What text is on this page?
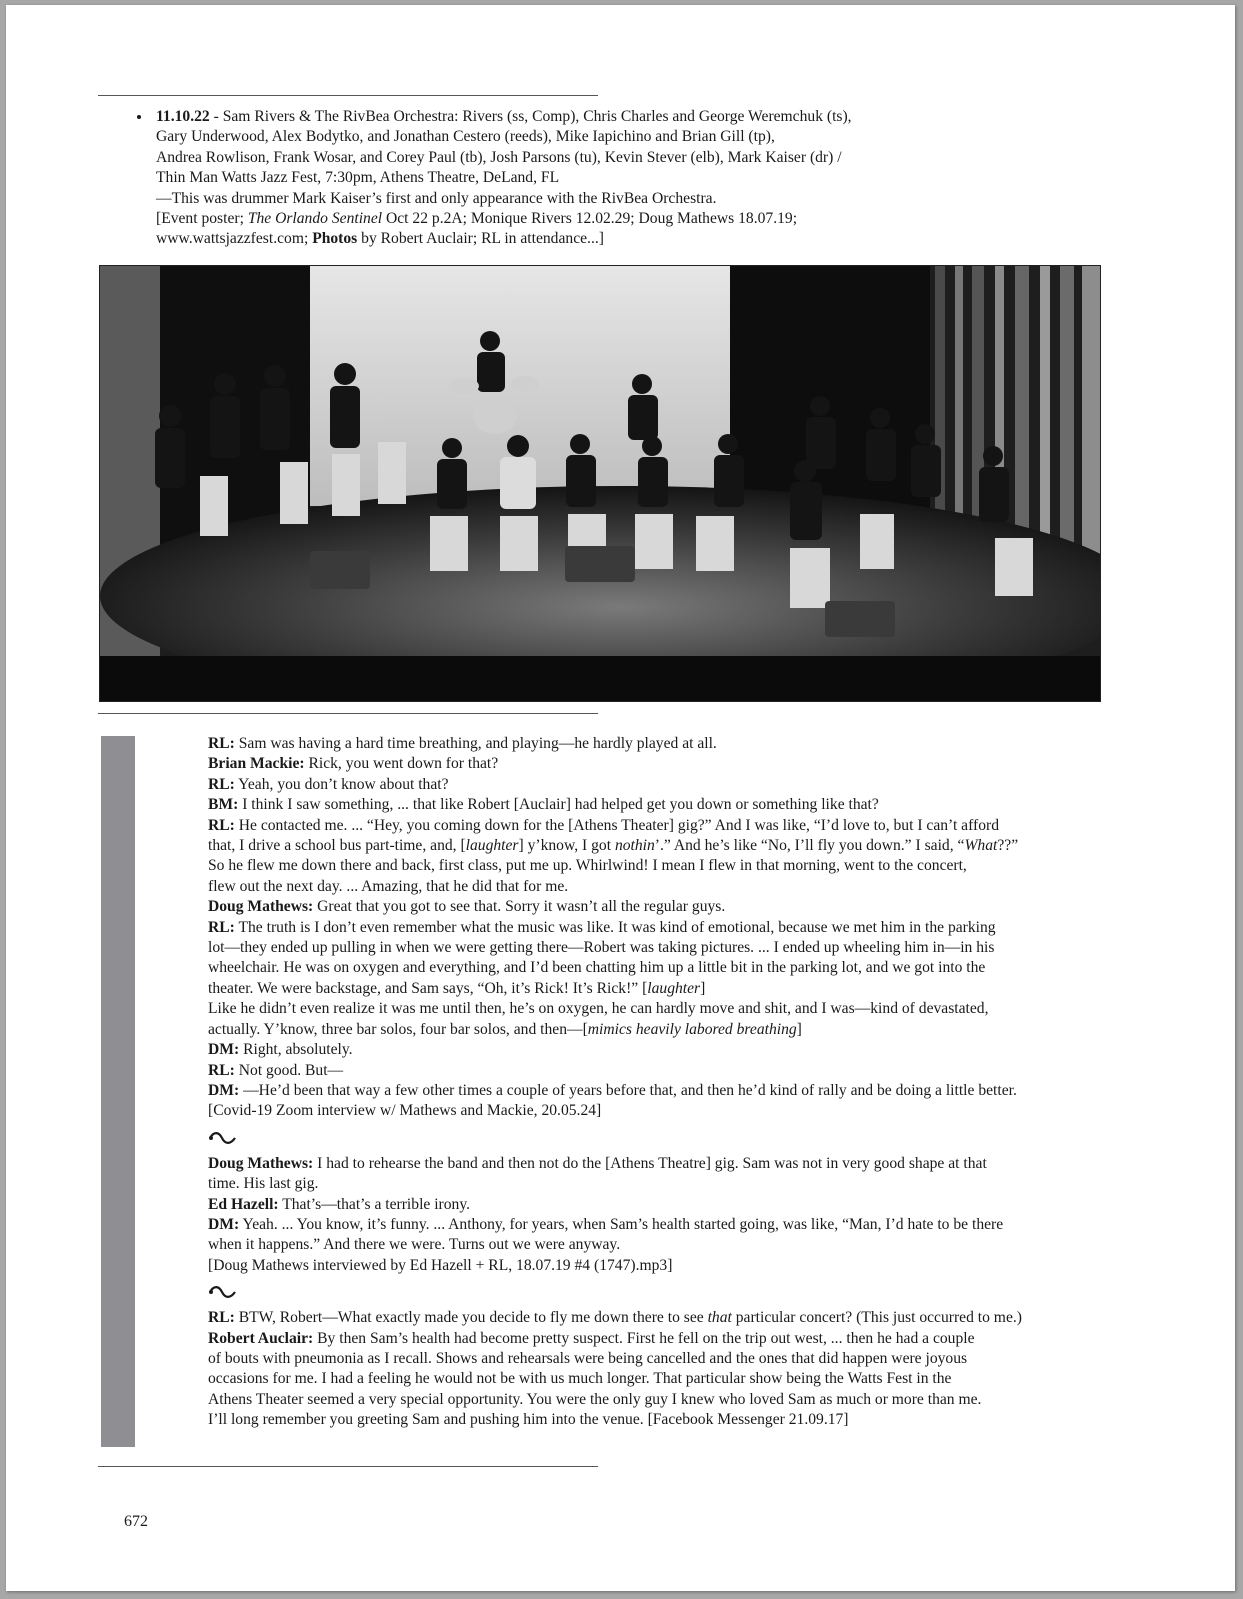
• 11.10.22 - Sam Rivers & The RivBea Orchestra: Rivers (ss, Comp), Chris Charles and George Weremchuk (ts),
Gary Underwood, Alex Bodytko, and Jonathan Cestero (reeds), Mike Iapichino and Brian Gill (tp),
Andrea Rowlison, Frank Wosar, and Corey Paul (tb), Josh Parsons (tu), Kevin Stever (elb), Mark Kaiser (dr) /
Thin Man Watts Jazz Fest, 7:30pm, Athens Theatre, DeLand, FL
—This was drummer Mark Kaiser’s first and only appearance with the RivBea Orchestra.
[Event poster; The Orlando Sentinel Oct 22 p.2A; Monique Rivers 12.02.29; Doug Mathews 18.07.19;
www.wattsjazzfest.com; Photos by Robert Auclair; RL in attendance...]
RL: Sam was having a hard time breathing, and playing—he hardly played at all.
Brian Mackie: Rick, you went down for that?
RL: Yeah, you don’t know about that?
BM: I think I saw something, ... that like Robert [Auclair] had helped get you down or something like that?
RL: He contacted me. ... “Hey, you coming down for the [Athens Theater] gig?” And I was like, “I’d love to, but I can’t afford
that, I drive a school bus part-time, and, [laughter] y’know, I got nothin’.” And he’s like “No, I’ll fly you down.” I said, “What??”
So he flew me down there and back, first class, put me up. Whirlwind! I mean I flew in that morning, went to the concert,
flew out the next day. ... Amazing, that he did that for me.
Doug Mathews: Great that you got to see that. Sorry it wasn’t all the regular guys.
RL: The truth is I don’t even remember what the music was like. It was kind of emotional, because we met him in the parking
lot—they ended up pulling in when we were getting there—Robert was taking pictures. ... I ended up wheeling him in—in his
wheelchair. He was on oxygen and everything, and I’d been chatting him up a little bit in the parking lot, and we got into the
theater. We were backstage, and Sam says, “Oh, it’s Rick! It’s Rick!” [laughter]
Like he didn’t even realize it was me until then, he’s on oxygen, he can hardly move and shit, and I was—kind of devastated,
actually. Y’know, three bar solos, four bar solos, and then—[mimics heavily labored breathing]
DM: Right, absolutely.
RL: Not good. But—
DM: —He’d been that way a few other times a couple of years before that, and then he’d kind of rally and be doing a little better.
[Covid-19 Zoom interview w/ Mathews and Mackie, 20.05.24]
Doug Mathews: I had to rehearse the band and then not do the [Athens Theatre] gig. Sam was not in very good shape at that
time. His last gig.
Ed Hazell: That’s—that’s a terrible irony.
DM: Yeah. ... You know, it’s funny. ... Anthony, for years, when Sam’s health started going, was like, “Man, I’d hate to be there
when it happens.” And there we were. Turns out we were anyway.
[Doug Mathews interviewed by Ed Hazell + RL, 18.07.19 #4 (1747).mp3]
RL: BTW, Robert—What exactly made you decide to fly me down there to see that particular concert? (This just occurred to me.)
Robert Auclair: By then Sam’s health had become pretty suspect. First he fell on the trip out west, ... then he had a couple
of bouts with pneumonia as I recall. Shows and rehearsals were being cancelled and the ones that did happen were joyous
occasions for me. I had a feeling he would not be with us much longer. That particular show being the Watts Fest in the
Athens Theater seemed a very special opportunity. You were the only guy I knew who loved Sam as much or more than me.
I’ll long remember you greeting Sam and pushing him into the venue. [Facebook Messenger 21.09.17]
672
